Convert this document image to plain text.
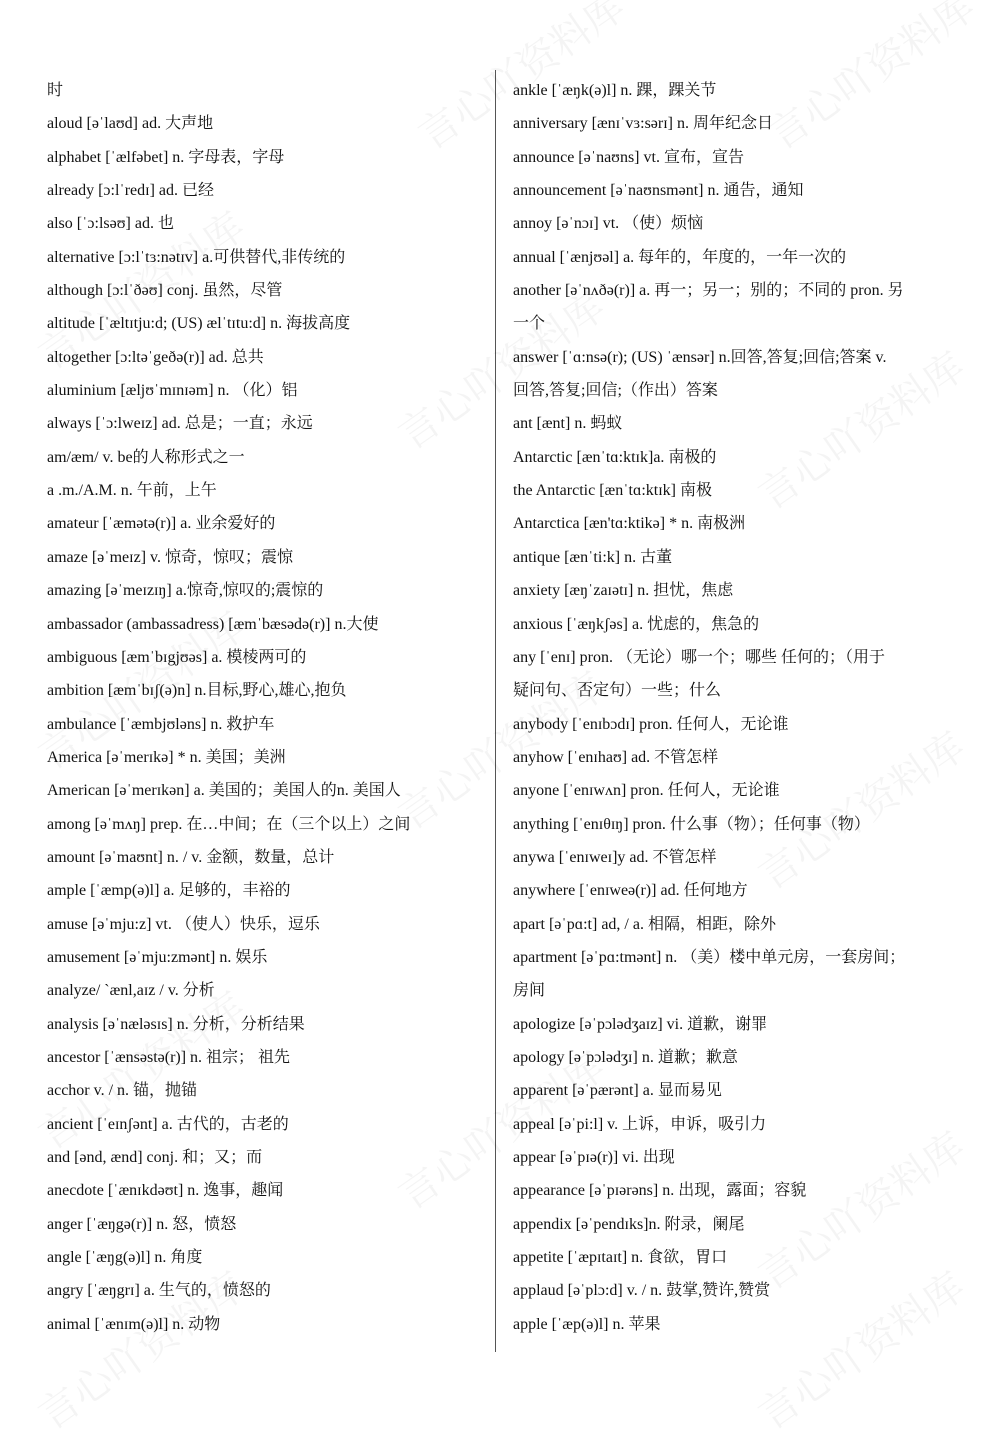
时
aloud [əˈlaʊd] ad. 大声地
alphabet [ˈælfəbet] n. 字母表，字母
already [ɔ:lˈredɪ] ad. 已经
also [ˈɔ:lsəʊ] ad. 也
alternative [ɔ:lˈtɜ:nətɪv] a.可供替代,非传统的
although [ɔ:lˈðəʊ] conj. 虽然，尽管
altitude [ˈæltɪtju:d; (US) ælˈtɪtu:d] n. 海拔高度
altogether [ɔ:ltəˈgeðə(r)] ad. 总共
aluminium [æljʊˈmɪnɪəm] n. （化）铝
always [ˈɔ:lweɪz] ad. 总是；一直；永远
am/æm/ v. be的人称形式之一
a .m./A.M. n. 午前，上午
amateur [ˈæmətə(r)] a. 业余爱好的
amaze [əˈmeɪz] v. 惊奇，惊叹；震惊
amazing [əˈmeɪzɪŋ] a.惊奇,惊叹的;震惊的
ambassador (ambassadress) [æmˈbæsədə(r)] n.大使
ambiguous [æmˈbɪgjʊəs] a. 模棱两可的
ambition [æmˈbɪʃ(ə)n] n.目标,野心,雄心,抱负
ambulance [ˈæmbjʊləns] n. 救护车
America [əˈmerɪkə] * n. 美国；美洲
American [əˈmerɪkən] a. 美国的；美国人的n. 美国人
among [əˈmʌŋ] prep. 在…中间；在（三个以上）之间
amount [əˈmaʊnt] n. / v. 金额，数量，总计
ample [ˈæmp(ə)l] a. 足够的，丰裕的
amuse [əˈmju:z] vt. （使人）快乐，逗乐
amusement [əˈmju:zmənt] n. 娱乐
analyze/ `ænl,aɪz / v. 分析
analysis [əˈnæləsɪs] n. 分析，分析结果
ancestor [ˈænsəstə(r)] n. 祖宗； 祖先
acchor v. / n. 锚，抛锚
ancient [ˈeɪnʃənt] a. 古代的，古老的
and [ənd, ænd] conj. 和；又；而
anecdote [ˈænɪkdəʊt] n. 逸事，趣闻
anger [ˈæŋgə(r)] n. 怒，愤怒
angle [ˈæŋg(ə)l] n. 角度
angry [ˈæŋgrɪ] a. 生气的，愤怒的
animal [ˈænɪm(ə)l] n. 动物
ankle [ˈæŋk(ə)l] n. 踝，踝关节
anniversary [ænɪˈvɜ:sərɪ] n. 周年纪念日
announce [əˈnaʊns] vt. 宣布，宣告
announcement [əˈnaʊnsmənt] n. 通告，通知
annoy [əˈnɔɪ] vt. （使）烦恼
annual [ˈænjʊəl] a. 每年的，年度的，一年一次的
another [əˈnʌðə(r)] a. 再一；另一；别的；不同的 pron. 另
一个
answer [ˈɑ:nsə(r); (US) ˈænsər] n.回答,答复;回信;答案 v.
回答,答复;回信;（作出）答案
ant [ænt] n. 蚂蚁
Antarctic [ænˈtɑ:ktɪk]a. 南极的
the Antarctic [ænˈtɑ:ktɪk] 南极
Antarctica [æn'tɑ:ktikə] * n. 南极洲
antique [ænˈti:k] n. 古董
anxiety [æŋˈzaɪətɪ] n. 担忧，焦虑
anxious [ˈæŋkʃəs] a. 忧虑的，焦急的
any [ˈenɪ] pron. （无论）哪一个；哪些 任何的；（用于
疑问句、否定句）一些；什么
anybody [ˈenɪbɔdɪ] pron. 任何人，无论谁
anyhow [ˈenɪhaʊ] ad. 不管怎样
anyone [ˈenɪwʌn] pron. 任何人，无论谁
anything [ˈenɪθɪŋ] pron. 什么事（物）；任何事（物）
anywa [ˈenɪweɪ]y ad. 不管怎样
anywhere [ˈenɪweə(r)] ad. 任何地方
apart [əˈpɑ:t] ad, / a. 相隔，相距，除外
apartment [əˈpɑ:tmənt] n. （美）楼中单元房，一套房间；
房间
apologize [əˈpɔlədʒaɪz] vi. 道歉，谢罪
apology [əˈpɔlədʒɪ] n. 道歉；歉意
apparent [əˈpærənt] a. 显而易见
appeal [əˈpi:l] v. 上诉，申诉，吸引力
appear [əˈpɪə(r)] vi. 出现
appearance [əˈpɪərəns] n. 出现，露面；容貌
appendix [əˈpendɪks]n. 附录，阑尾
appetite [ˈæpɪtaɪt] n. 食欲，胃口
applaud [əˈplɔ:d] v. / n. 鼓掌,赞许,赞赏
apple [ˈæp(ə)l] n. 苹果
